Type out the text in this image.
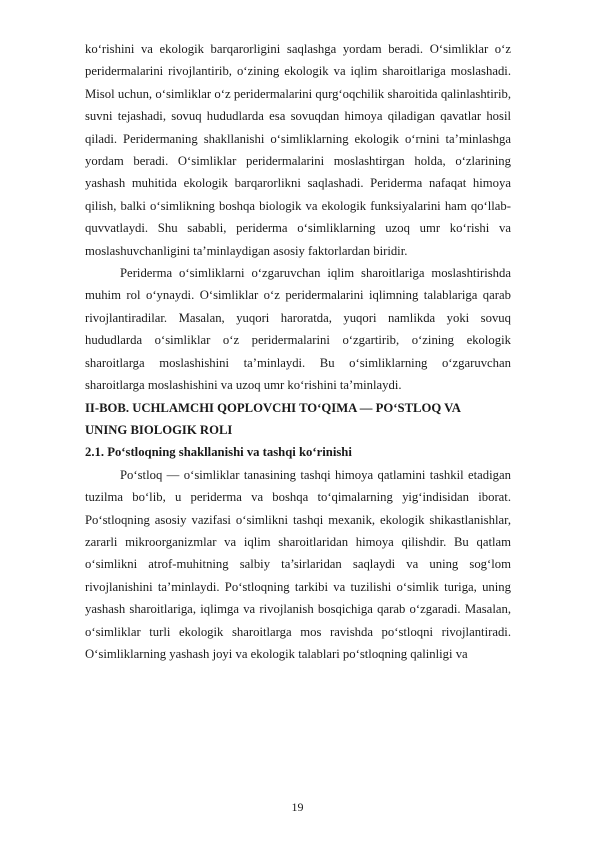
ko‘rishini va ekologik barqarorligini saqlashga yordam beradi. O‘simliklar o‘z peridermalarini rivojlantirib, o‘zining ekologik va iqlim sharoitlariga moslashadi. Misol uchun, o‘simliklar o‘z peridermalarini qurg‘oqchilik sharoitida qalinlashtirib, suvni tejashadi, sovuq hududlarda esa sovuqdan himoya qiladigan qavatlar hosil qiladi. Peridermaning shakllanishi o‘simliklarning ekologik o‘rnini ta’minlashga yordam beradi. O‘simliklar peridermalarini moslashtirgan holda, o‘zlarining yashash muhitida ekologik barqarorlikni saqlashadi. Periderma nafaqat himoya qilish, balki o‘simlikning boshqa biologik va ekologik funksiyalarini ham qo‘llab-quvvatlaydi. Shu sababli, periderma o‘simliklarning uzoq umr ko‘rishi va moslashuvchanligini ta’minlaydigan asosiy faktorlardan biridir.

Periderma o‘simliklarni o‘zgaruvchan iqlim sharoitlariga moslashtirishda muhim rol o‘ynaydi. O‘simliklar o‘z peridermalarini iqlimning talablariga qarab rivojlantiradilar. Masalan, yuqori haroratda, yuqori namlikda yoki sovuq hududlarda o‘simliklar o‘z peridermalarini o‘zgartirib, o‘zining ekologik sharoitlarga moslashishini ta’minlaydi. Bu o‘simliklarning o‘zgaruvchan sharoitlarga moslashishini va uzoq umr ko‘rishini ta’minlaydi.

II-BOB. UCHLAMCHI QOPLOVCHI TO‘QIMA — PO‘STLOQ VA

UNING BIOLOGIK ROLI

2.1. Po‘stloqning shakllanishi va tashqi ko‘rinishi

Po‘stloq — o‘simliklar tanasining tashqi himoya qatlamini tashkil etadigan tuzilma bo‘lib, u periderma va boshqa to‘qimalarning yig‘indisidan iborat. Po‘stloqning asosiy vazifasi o‘simlikni tashqi mexanik, ekologik shikastlanishlar, zararli mikroorganizmlar va iqlim sharoitlaridan himoya qilishdir. Bu qatlam o‘simlikni atrof-muhitning salbiy ta’sirlaridan saqlaydi va uning sog‘lom rivojlanishini ta’minlaydi. Po‘stloqning tarkibi va tuzilishi o‘simlik turiga, uning yashash sharoitlariga, iqlimga va rivojlanish bosqichiga qarab o‘zgaradi. Masalan, o‘simliklar turli ekologik sharoitlarga mos ravishda po‘stloqni rivojlantiradi. O‘simliklarning yashash joyi va ekologik talablari po‘stloqning qalinligi va

19
